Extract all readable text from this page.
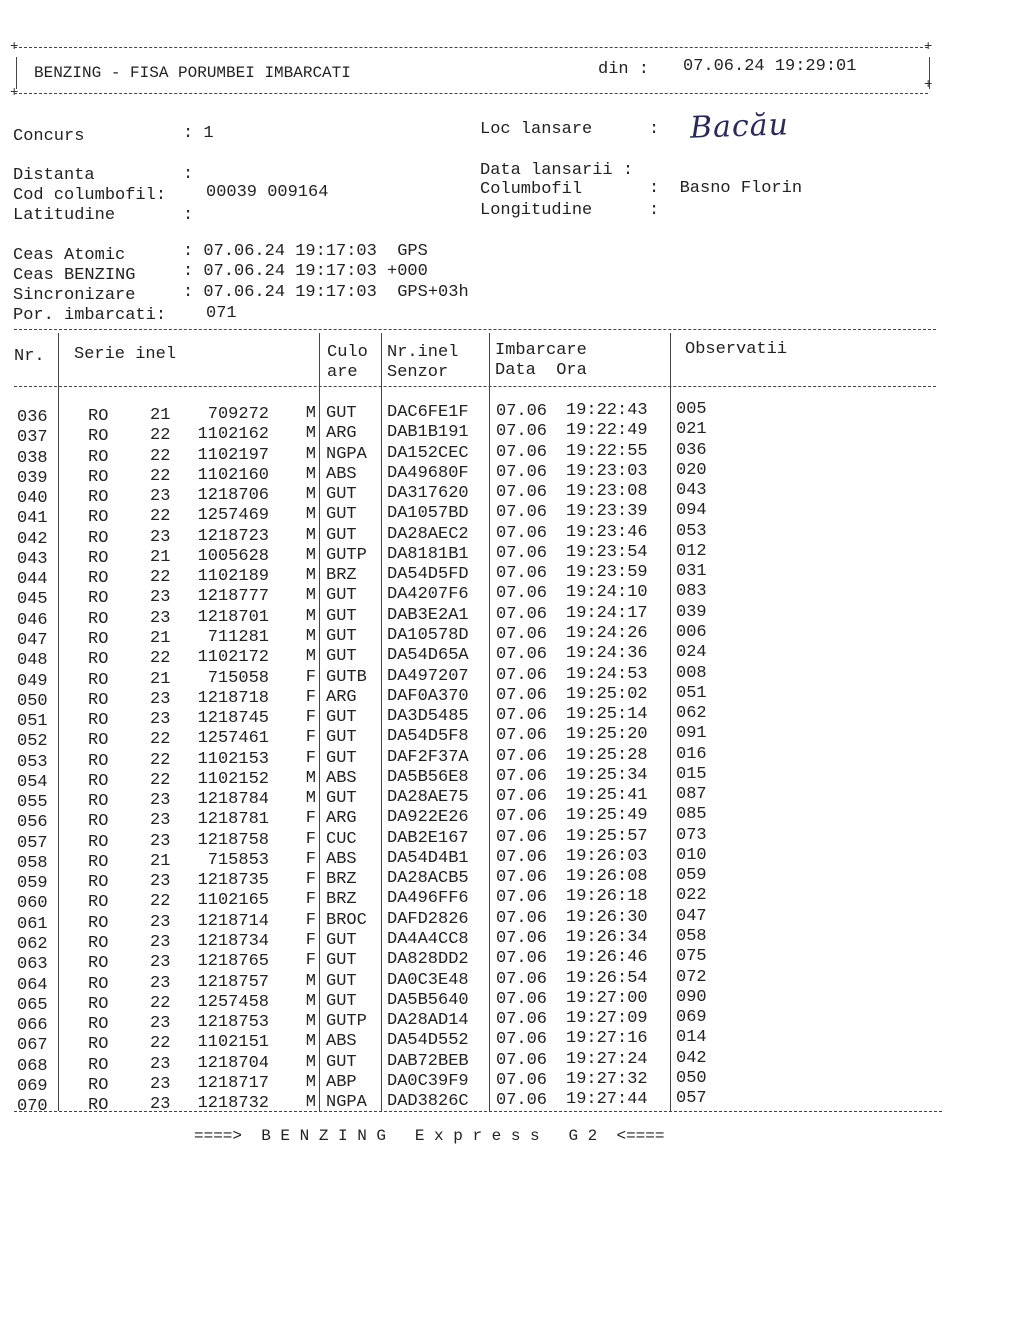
+	+
+	+
BENZING - FISA PORUMBEI IMBARCATI	din : 07.06.24 19:29:01
Concurs	: 1	Loc lansare	: Bacău
Distanta	:	Data lansarii :
Cod columbofil: 00039 009164	Columbofil	:  Basno Florin
Latitudine	:	Longitudine	:
Ceas Atomic	: 07.06.24 19:17:03  GPS
Ceas BENZING	: 07.06.24 19:17:03 +000
Sincronizare	: 07.06.24 19:17:03  GPS+03h
Por. imbarcati: 071
Nr. Serie inel	Culo
are
Nr.inel
Senzor
Imbarcare
Data  Ora
Observatii
036 RO 21 709272 M GUT DAC6FE1F 07.06 19:22:43 005
037 RO 22 1102162 M ARG DAB1B191 07.06 19:22:49 021
038 RO 22 1102197 M NGPA DA152CEC 07.06 19:22:55 036
039 RO 22 1102160 M ABS DA49680F 07.06 19:23:03 020
040 RO 23 1218706 M GUT DA317620 07.06 19:23:08 043
041 RO 22 1257469 M GUT DA1057BD 07.06 19:23:39 094
042 RO 23 1218723 M GUT DA28AEC2 07.06 19:23:46 053
043 RO 21 1005628 M GUTP DA8181B1 07.06 19:23:54 012
044 RO 22 1102189 M BRZ DA54D5FD 07.06 19:23:59 031
045 RO 23 1218777 M GUT DA4207F6 07.06 19:24:10 083
046 RO 23 1218701 M GUT DAB3E2A1 07.06 19:24:17 039
047 RO 21 711281 M GUT DA10578D 07.06 19:24:26 006
048 RO 22 1102172 M GUT DA54D65A 07.06 19:24:36 024
049 RO 21 715058 F GUTB DA497207 07.06 19:24:53 008
050 RO 23 1218718 F ARG DAF0A370 07.06 19:25:02 051
051 RO 23 1218745 F GUT DA3D5485 07.06 19:25:14 062
052 RO 22 1257461 F GUT DA54D5F8 07.06 19:25:20 091
053 RO 22 1102153 F GUT DAF2F37A 07.06 19:25:28 016
054 RO 22 1102152 M ABS DA5B56E8 07.06 19:25:34 015
055 RO 23 1218784 M GUT DA28AE75 07.06 19:25:41 087
056 RO 23 1218781 F ARG DA922E26 07.06 19:25:49 085
057 RO 23 1218758 F CUC DAB2E167 07.06 19:25:57 073
058 RO 21 715853 F ABS DA54D4B1 07.06 19:26:03 010
059 RO 23 1218735 F BRZ DA28ACB5 07.06 19:26:08 059
060 RO 22 1102165 F BRZ DA496FF6 07.06 19:26:18 022
061 RO 23 1218714 F BROC DAFD2826 07.06 19:26:30 047
062 RO 23 1218734 F GUT DA4A4CC8 07.06 19:26:34 058
063 RO 23 1218765 F GUT DA828DD2 07.06 19:26:46 075
064 RO 23 1218757 M GUT DA0C3E48 07.06 19:26:54 072
065 RO 22 1257458 M GUT DA5B5640 07.06 19:27:00 090
066 RO 23 1218753 M GUTP DA28AD14 07.06 19:27:09 069
067 RO 22 1102151 M ABS DA54D552 07.06 19:27:16 014
068 RO 23 1218704 M GUT DAB72BEB 07.06 19:27:24 042
069 RO 23 1218717 M ABP DA0C39F9 07.06 19:27:32 050
070 RO 23 1218732 M NGPA DAD3826C 07.06 19:27:44 057
====>  B E N Z I N G   E x p r e s s   G 2  <====
